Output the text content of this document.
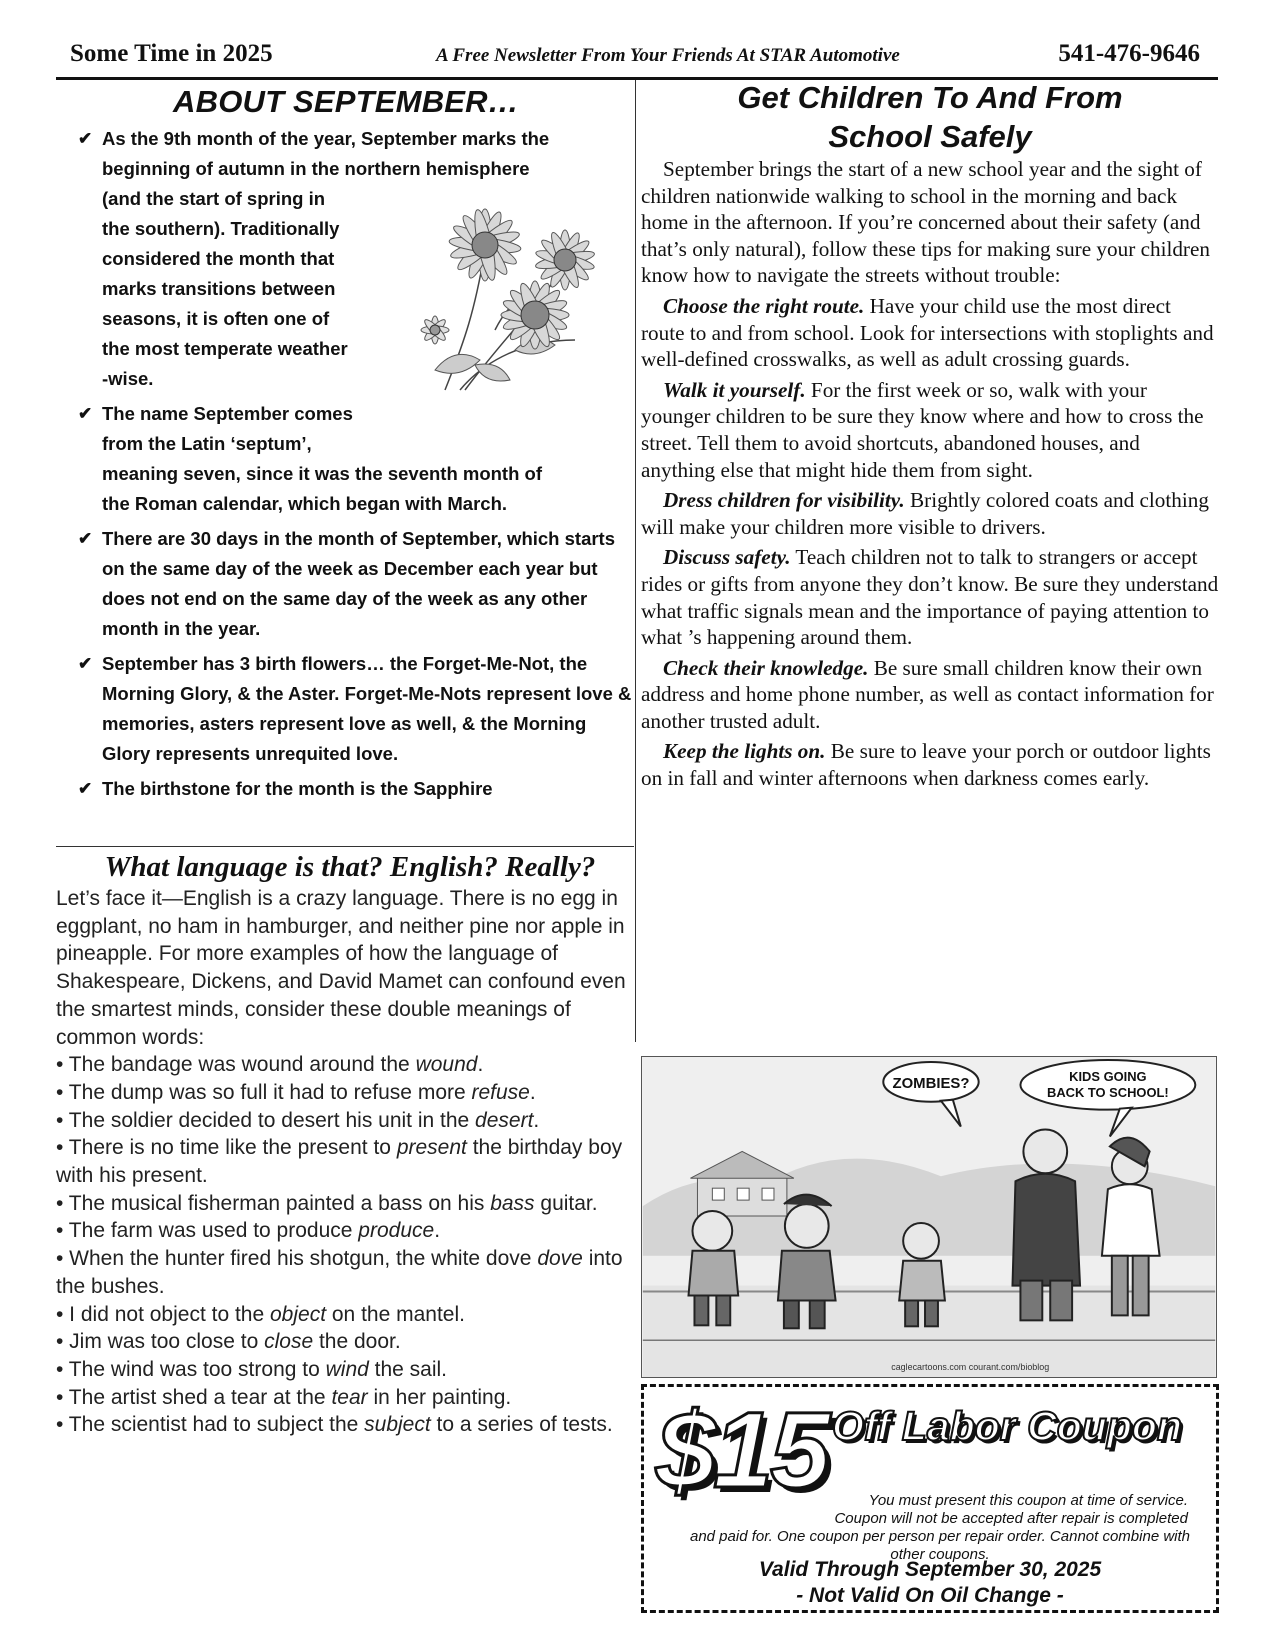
Some Time in 2025	A Free Newsletter From Your Friends At STAR Automotive	541-476-9646
ABOUT SEPTEMBER…
✔ As the 9th month of the year, September marks the
beginning of autumn in the northern hemisphere
(and the start of spring in
the southern). Traditionally
considered the month that
marks transitions between
seasons, it is often one of
the most temperate weather
-wise.
✔ The name September comes
from the Latin ‘septum’,
meaning seven, since it was the seventh month of
the Roman calendar, which began with March.
✔ There are 30 days in the month of September, which starts on the same day of the week as December each year but does not end on the same day of the week as any other month in the year.
✔ September has 3 birth flowers… the Forget-Me-Not, the Morning Glory, & the Aster. Forget-Me-Nots represent love & memories, asters represent love as well, & the Morning Glory represents unrequited love.
✔ The birthstone for the month is the Sapphire
What language is that? English? Really?

Let’s face it—English is a crazy language. There is no egg in eggplant, no ham in hamburger, and neither pine nor apple in pineapple. For more examples of how the language of Shakespeare, Dickens, and David Mamet can confound even the smartest minds, consider these double meanings of common words:

• The bandage was wound around the wound.
• The dump was so full it had to refuse more refuse.
• The soldier decided to desert his unit in the desert.
• There is no time like the present to present the birthday boy with his present.
• The musical fisherman painted a bass on his bass guitar.
• The farm was used to produce produce.
• When the hunter fired his shotgun, the white dove dove into the bushes.
• I did not object to the object on the mantel.
• Jim was too close to close the door.
• The wind was too strong to wind the sail.
• The artist shed a tear at the tear in her painting.
• The scientist had to subject the subject to a series of tests.

Get Children To And From
School Safely

September brings the start of a new school year and the sight of children nationwide walking to school in the morning and back home in the afternoon. If you’re concerned about their safety (and that’s only natural), follow these tips for making sure your children know how to navigate the streets without trouble:

Choose the right route. Have your child use the most direct route to and from school. Look for intersections with stoplights and well-defined crosswalks, as well as adult crossing guards.

Walk it yourself. For the first week or so, walk with your younger children to be sure they know where and how to cross the street. Tell them to avoid shortcuts, abandoned houses, and anything else that might hide them from sight.

Dress children for visibility. Brightly colored coats and clothing will make your children more visible to drivers.

Discuss safety. Teach children not to talk to strangers or accept rides or gifts from anyone they don’t know. Be sure they understand what traffic signals mean and the importance of paying attention to what ’s happening around them.

Check their knowledge. Be sure small children know their own address and home phone number, as well as contact information for another trusted adult.

Keep the lights on. Be sure to leave your porch or outdoor lights on in fall and winter afternoons when darkness comes early.

ZOMBIES?	KIDS GOING
BACK TO SCHOOL!
caglecartoons.com courant.com/bioblog
$15 Off Labor Coupon
You must present this coupon at time of service.
Coupon will not be accepted after repair is completed
and paid for. One coupon per person per repair order. Cannot combine with other coupons.
Valid Through September 30, 2025
- Not Valid On Oil Change -
